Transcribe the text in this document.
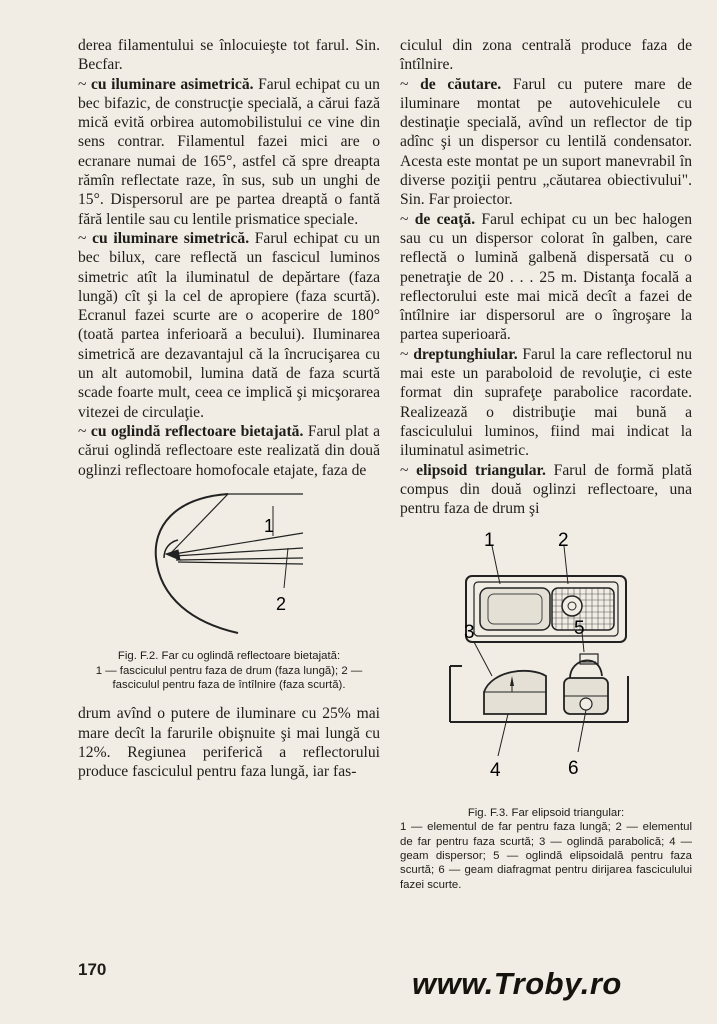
derea filamentului se înlocuieşte tot farul. Sin. Becfar.

~ cu iluminare asimetrică. Farul echipat cu un bec bifazic, de construcţie specială, a cărui fază mică evită orbirea automobilistului ce vine din sens contrar. Filamentul fazei mici are o ecranare numai de 165°, astfel că spre dreapta rămîn reflectate raze, în sus, sub un unghi de 15°. Dispersorul are pe partea dreaptă o fantă fără lentile sau cu lentile prismatice speciale.

~ cu iluminare simetrică. Farul echipat cu un bec bilux, care reflectă un fascicul luminos simetric atît la iluminatul de depărtare (faza lungă) cît şi la cel de apropiere (faza scurtă). Ecranul fazei scurte are o acoperire de 180° (toată partea inferioară a becului). Iluminarea simetrică are dezavantajul că la încrucişarea cu un alt automobil, lumina dată de faza scurtă scade foarte mult, ceea ce implică şi micşorarea vitezei de circulaţie.

~ cu oglindă reflectoare bietajată. Farul plat a cărui oglindă reflectoare este realizată din două oglinzi reflectoare homofocale etajate, faza de

1
2
Fig. F.2. Far cu oglindă reflectoare bietajată:
1 — fasciculul pentru faza de drum (faza lungă); 2 — fasciculul pentru faza de întîlnire (faza scurtă).

drum avînd o putere de iluminare cu 25% mai mare decît la farurile obişnuite şi mai lungă cu 12%. Regiunea periferică a reflectorului produce fasciculul pentru faza lungă, iar fas-

ciculul din zona centrală produce faza de întîlnire.

~ de căutare. Farul cu putere mare de iluminare montat pe autovehiculele cu destinaţie specială, avînd un reflector de tip adînc şi un dispersor cu lentilă condensator. Acesta este montat pe un suport manevrabil în diverse poziţii pentru „căutarea obiectivului". Sin. Far proiector.

~ de ceaţă. Farul echipat cu un bec halogen sau cu un dispersor colorat în galben, care reflectă o lumină galbenă dispersată cu o penetraţie de 20 . . . 25 m. Distanţa focală a reflectorului este mai mică decît a fazei de întîlnire iar dispersorul are o îngroşare la partea superioară.

~ dreptunghiular. Farul la care reflectorul nu mai este un paraboloid de revoluţie, ci este format din suprafeţe parabolice racordate. Realizează o distribuţie mai bună a fasciculului luminos, fiind mai indicat la iluminatul asimetric.

~ elipsoid triangular. Farul de formă plată compus din două oglinzi reflectoare, una pentru faza de drum şi

1	2
3	5
4	6
Fig. F.3. Far elipsoid triangular:
1 — elementul de far pentru faza lungă; 2 — elementul de far pentru faza scurtă; 3 — oglindă parabolică; 4 — geam dispersor; 5 — oglindă elipsoidală pentru faza scurtă; 6 — geam diafragmat pentru dirijarea fasciculului fazei scurte.
170	www.Troby.ro
